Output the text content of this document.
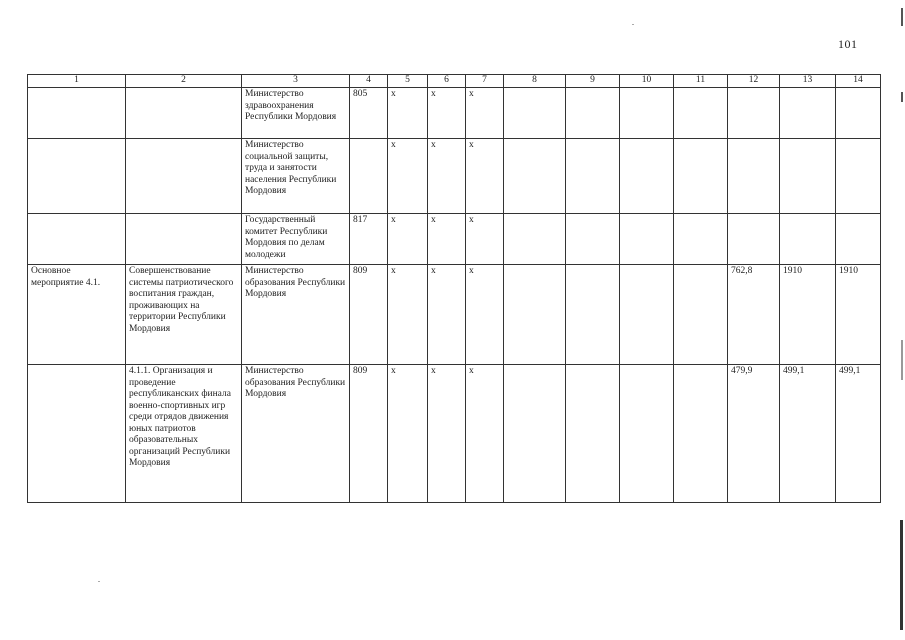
101
1	2	3	4	5	6	7	8	9	10	11	12	13	14
		Министерство здравоохранения Республики Мордовия	805	х	х	х							
		Министерство социальной защиты, труда и занятости населения Республики Мордовия		х	х	х							
		Государственный комитет Республики Мордовия по делам молодежи	817	х	х	х							
Основное мероприятие 4.1.	Совершенствование системы патриотического воспитания граждан, проживающих на территории Республики Мордовия	Министерство образования Республики Мордовия	809	х	х	х					762,8	1910	1910
	4.1.1. Организация и проведение республиканских финала военно-спортивных игр среди отрядов движения юных патриотов образовательных организаций Республики Мордовия	Министерство образования Республики Мордовия	809	х	х	х					479,9	499,1	499,1
